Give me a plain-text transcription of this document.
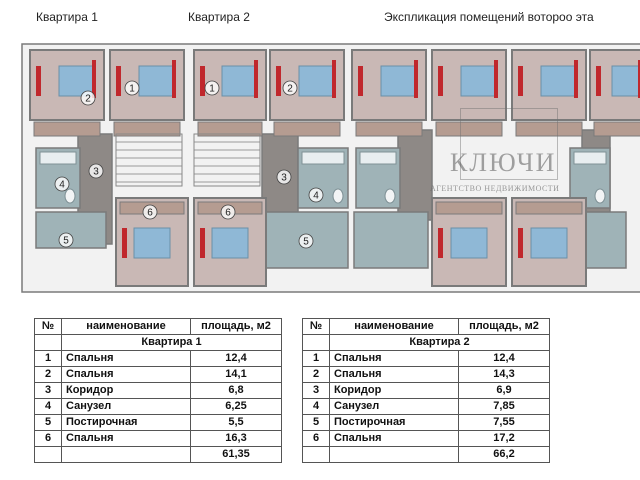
Квартира 1	Квартира 2	Экспликация помещений вотороо эта
2
1	1	2
3
3
4
4
5	5
6	6
КЛЮЧИ
АГЕНТСТВО НЕДВИЖИМОСТИ
№	наименование	площадь, м2
	Квартира 1	
1	Спальня	12,4
2	Спальня	14,1
3	Коридор	6,8
4	Санузел	6,25
5	Постирочная	5,5
6	Спальня	16,3
		61,35
№	наименование	площадь, м2
	Квартира 2	
1	Спальня	12,4
2	Спальня	14,3
3	Коридор	6,9
4	Санузел	7,85
5	Постирочная	7,55
6	Спальня	17,2
		66,2
